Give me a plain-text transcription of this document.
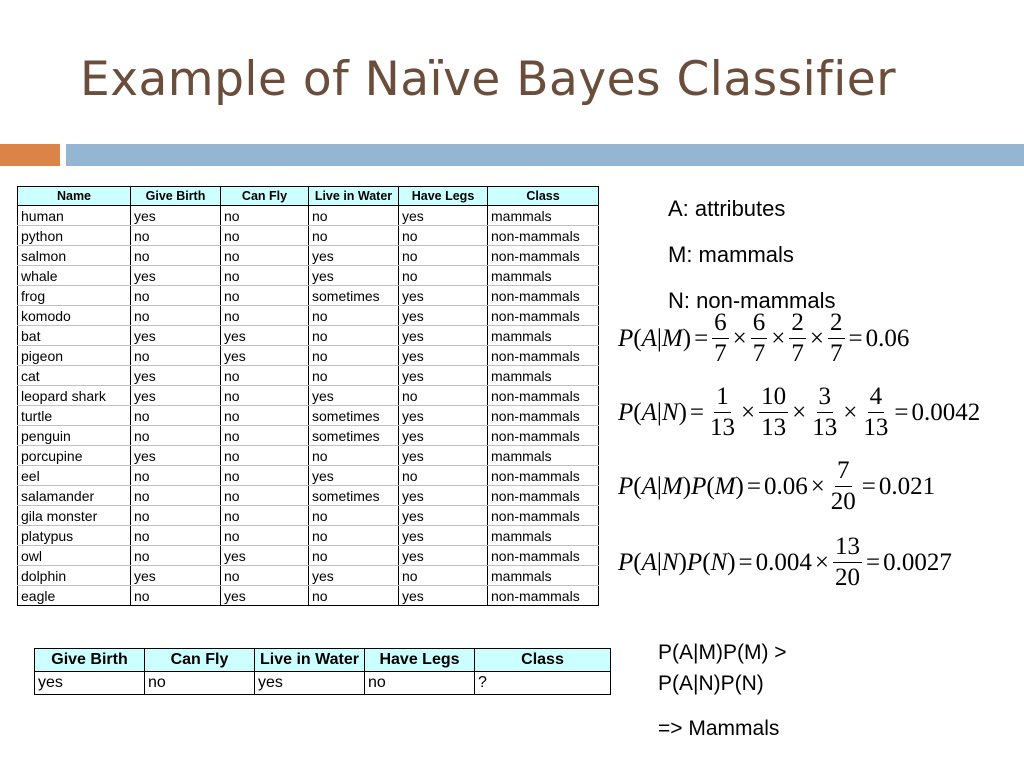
Example of Naïve Bayes Classifier
Name	Give Birth	Can Fly	Live in Water	Have Legs	Class
human	yes	no	no	yes	mammals
python	no	no	no	no	non-mammals
salmon	no	no	yes	no	non-mammals
whale	yes	no	yes	no	mammals
frog	no	no	sometimes	yes	non-mammals
komodo	no	no	no	yes	non-mammals
bat	yes	yes	no	yes	mammals
pigeon	no	yes	no	yes	non-mammals
cat	yes	no	no	yes	mammals
leopard shark	yes	no	yes	no	non-mammals
turtle	no	no	sometimes	yes	non-mammals
penguin	no	no	sometimes	yes	non-mammals
porcupine	yes	no	no	yes	mammals
eel	no	no	yes	no	non-mammals
salamander	no	no	sometimes	yes	non-mammals
gila monster	no	no	no	yes	non-mammals
platypus	no	no	no	yes	mammals
owl	no	yes	no	yes	non-mammals
dolphin	yes	no	yes	no	mammals
eagle	no	yes	no	yes	non-mammals
Give Birth	Can Fly	Live in Water	Have Legs	Class
yes	no	yes	no	?
A: attributes
M: mammals
N: non-mammals
P ( A | M ) = $\frac{6}{7} \times \frac{6}{7} \times \frac{2}{7} \times \frac{2}{7} = 0.06$
P ( A | N ) = $\frac{1}{13} \times \frac{10}{13} \times \frac{3}{13} \times \frac{4}{13} = 0.0042$
P ( A | M ) P ( M ) = $0.06 \times \frac{7}{20} = 0.021$
P ( A | N ) P ( N ) = $0.004 \times \frac{13}{20} = 0.0027$
P(A|M)P(M) >
P(A|N)P(N)
=> Mammals
